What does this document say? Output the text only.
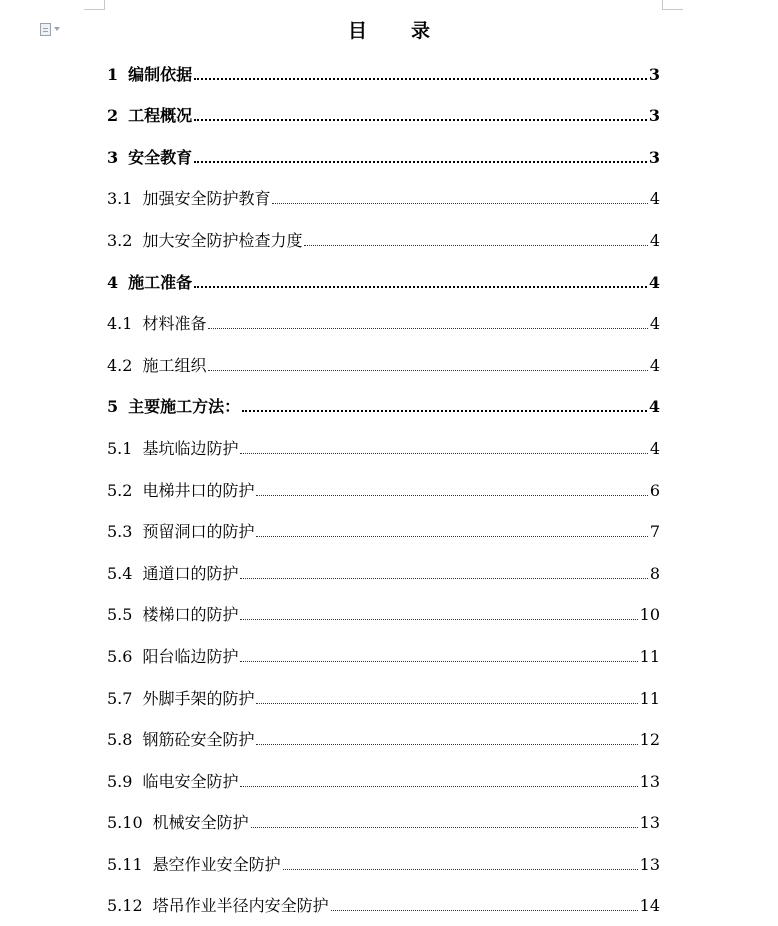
目 录
1 编制依据	3
2 工程概况	3
3 安全教育	3
3.1 加强安全防护教育	4
3.2 加大安全防护检查力度	4
4 施工准备	4
4.1 材料准备	4
4.2 施工组织	4
5 主要施工方法：	4
5.1 基坑临边防护	4
5.2 电梯井口的防护	6
5.3 预留洞口的防护	7
5.4 通道口的防护	8
5.5 楼梯口的防护	10
5.6 阳台临边防护	11
5.7 外脚手架的防护	11
5.8 钢筋砼安全防护	12
5.9 临电安全防护	13
5.10 机械安全防护	13
5.11 悬空作业安全防护	13
5.12 塔吊作业半径内安全防护	14
